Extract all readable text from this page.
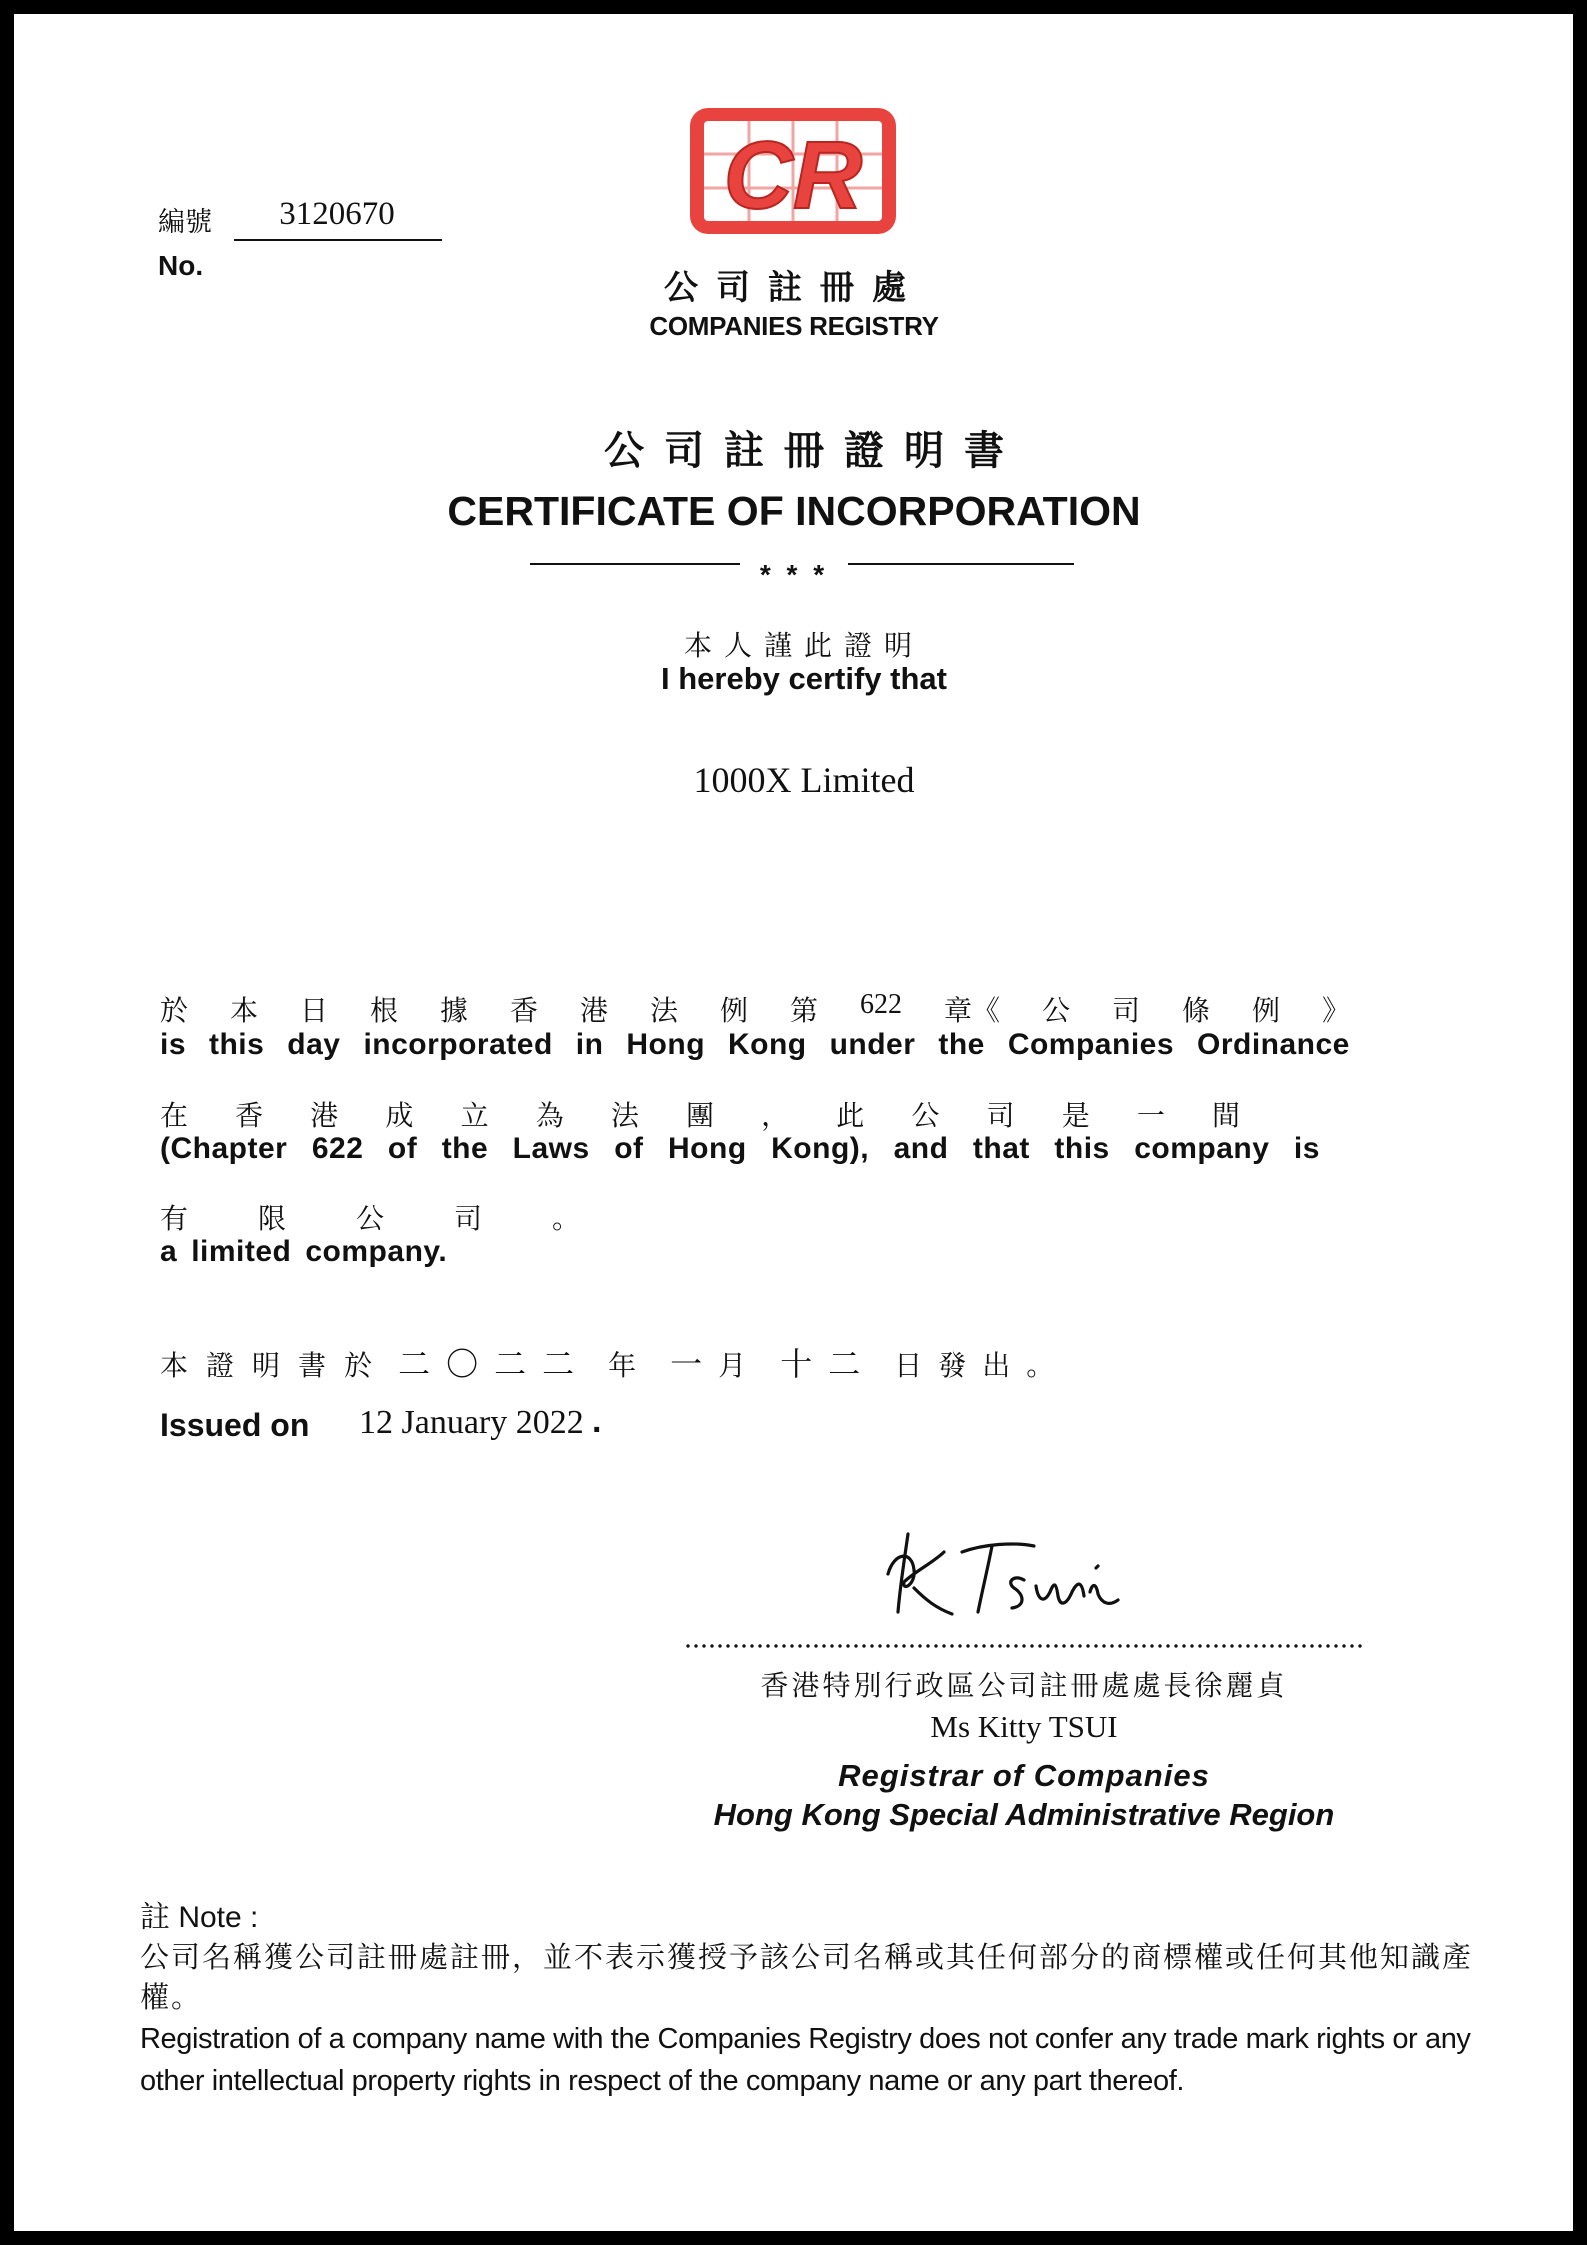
編號
No.
3120670	CR
公司註冊處
COMPANIES REGISTRY
公司註冊證明書
CERTIFICATE OF INCORPORATION
* * *
本人謹此證明
I hereby certify that
1000X Limited
於 本 日 根 據 香 港 法 例 第 622 章《 公 司 條 例 》
is this day incorporated in Hong Kong under the Companies Ordinance
在 香 港 成 立 為 法 團 ， 此 公 司 是 一 間
(Chapter 622 of the Laws of Hong Kong), and that this company is
有 限 公 司 。
a limited company.
本 證 明 書 於 二 〇 二 二 年 一 月 十 二 日 發 出 。
Issued on 12 January 2022 .
香港特別行政區公司註冊處處長徐麗貞
Ms Kitty TSUI
Registrar of Companies
Hong Kong Special Administrative Region
註 Note :
公司名稱獲公司註冊處註冊，並不表示獲授予該公司名稱或其任何部分的商標權或任何其他知識產權。
Registration of a company name with the Companies Registry does not confer any trade mark rights or any other intellectual property rights in respect of the company name or any part thereof.
